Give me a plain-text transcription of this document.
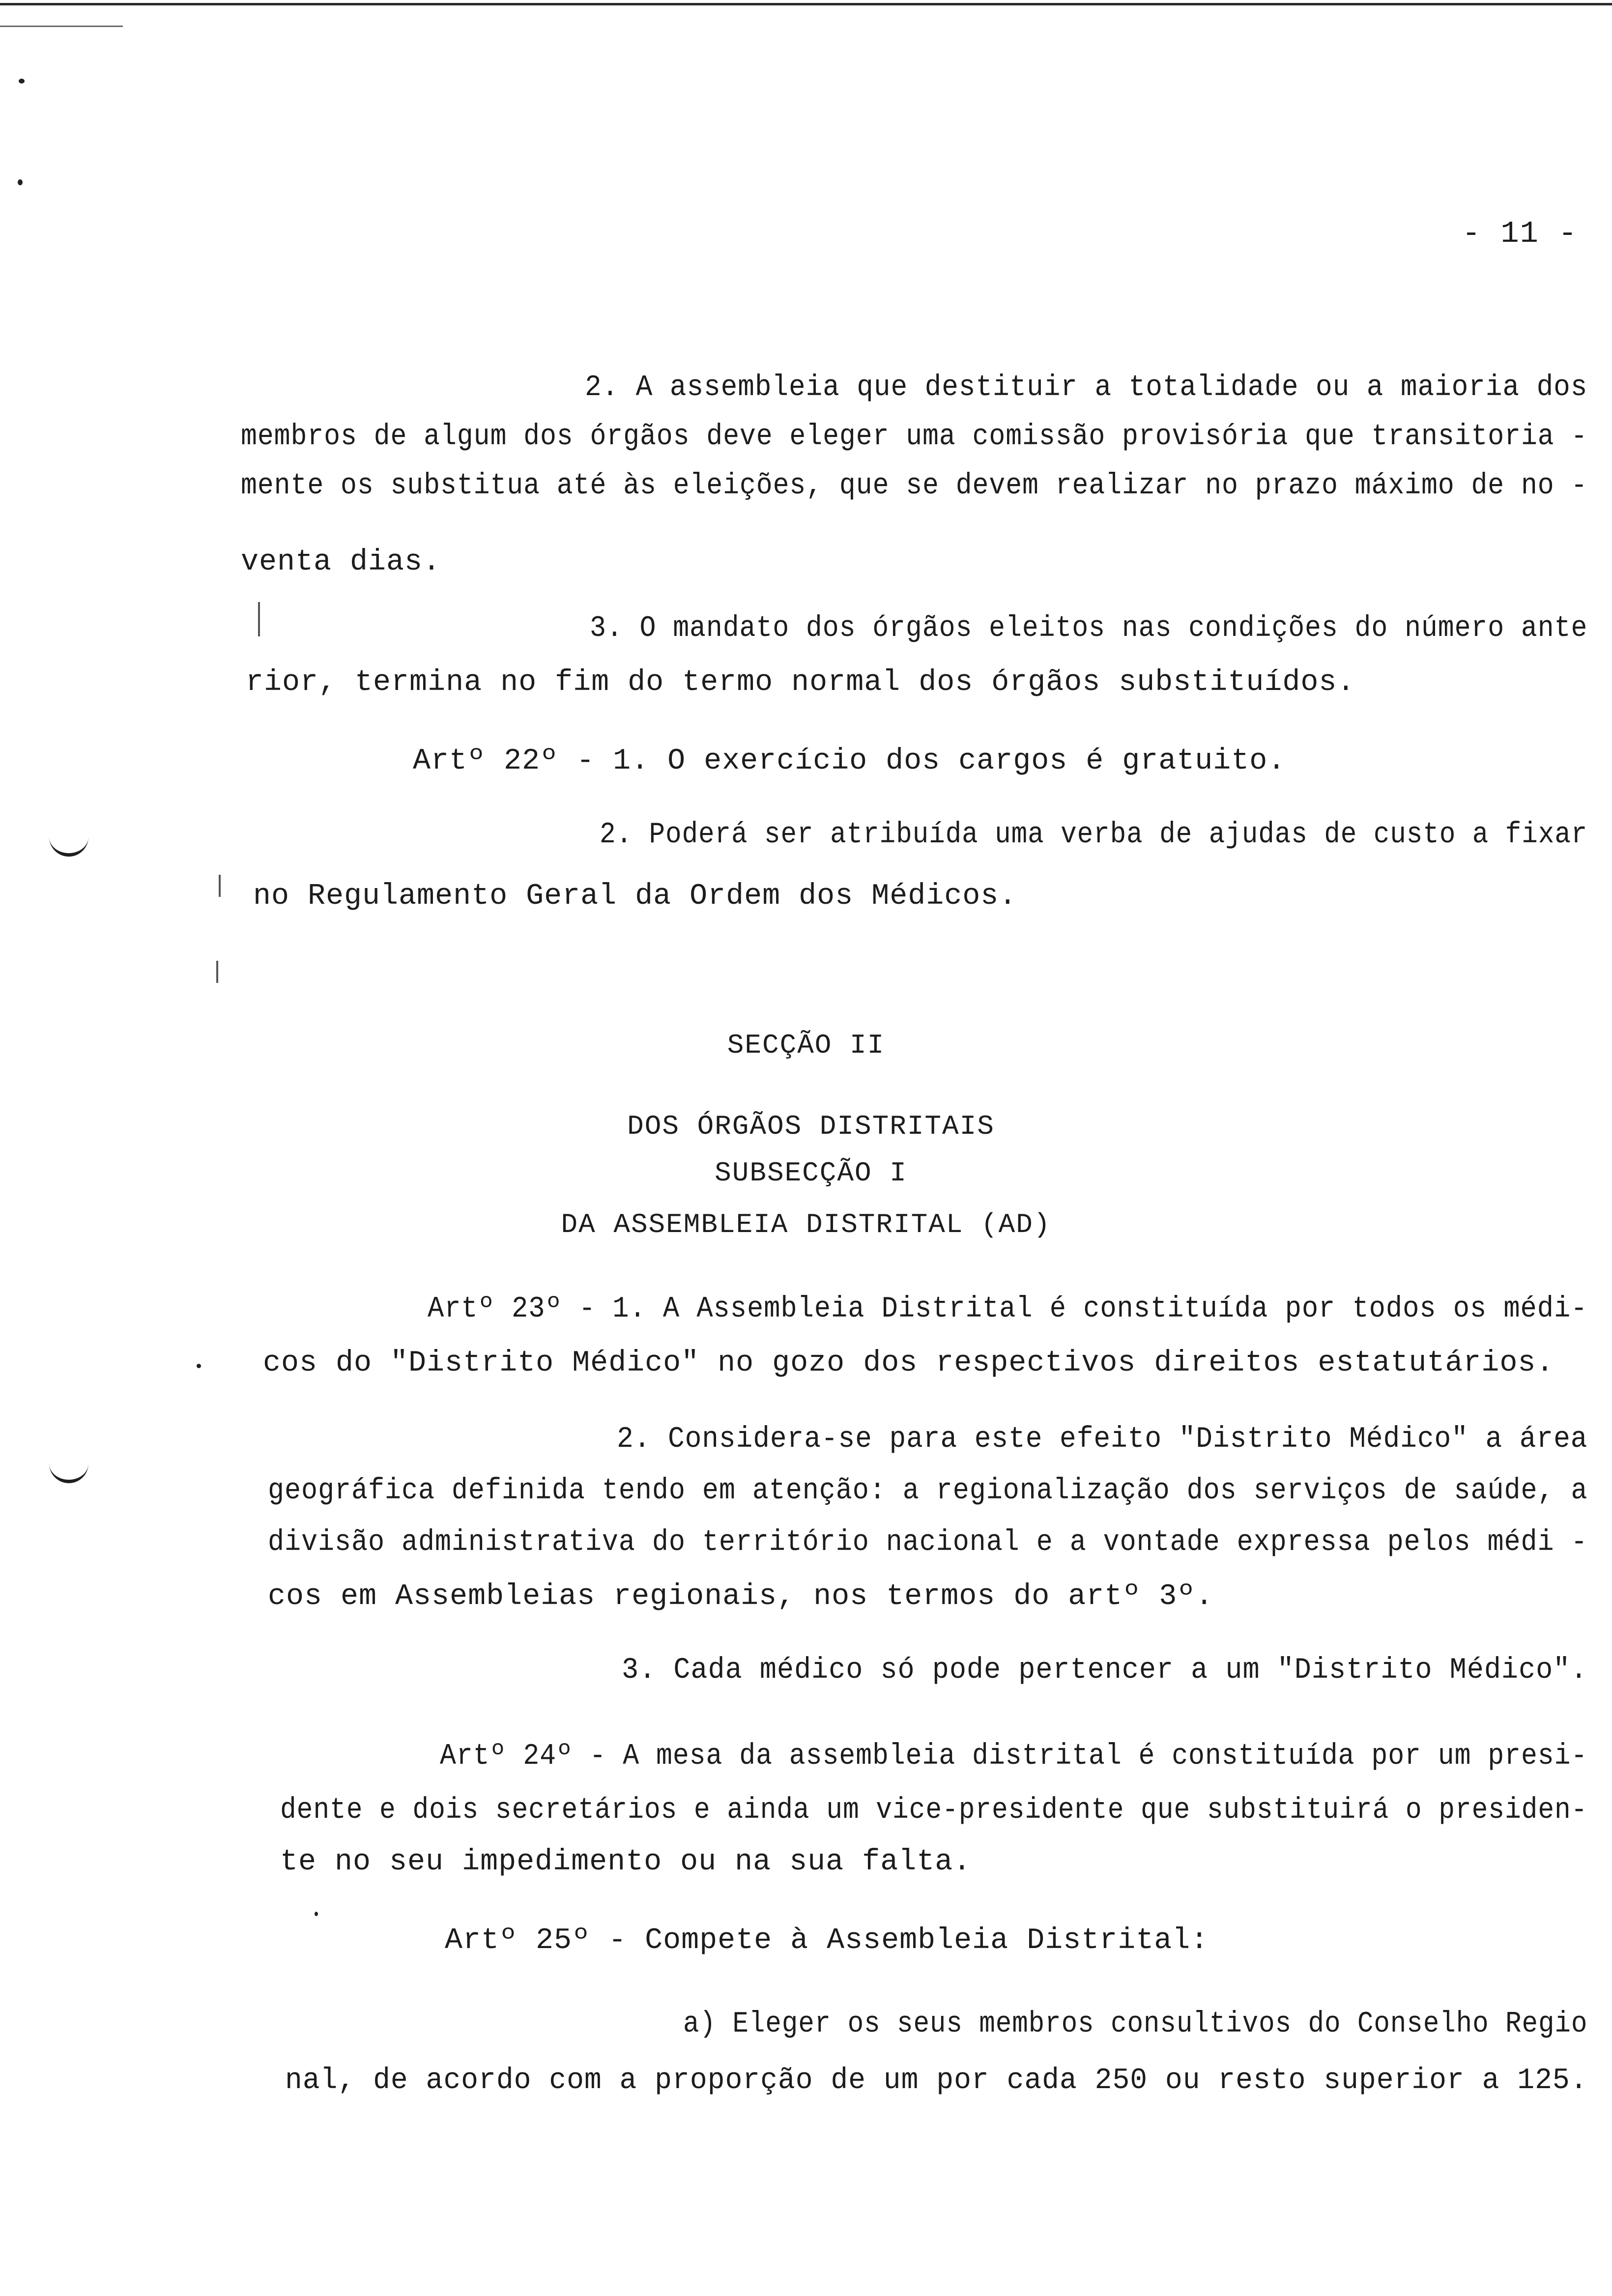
- 11 -
2. A assembleia que destituir a totalidade ou a maioria dos
membros de algum dos órgãos deve eleger uma comissão provisória que transitoria -
mente os substitua até às eleições, que se devem realizar no prazo máximo de no -
venta dias.
3. O mandato dos órgãos eleitos nas condições do número ante
rior, termina no fim do termo normal dos órgãos substituídos.
Artº 22º - 1. O exercício dos cargos é gratuito.
2. Poderá ser atribuída uma verba de ajudas de custo a fixar
no Regulamento Geral da Ordem dos Médicos.
SECÇÃO II
DOS ÓRGÃOS DISTRITAIS
SUBSECÇÃO I
DA ASSEMBLEIA DISTRITAL (AD)
Artº 23º - 1. A Assembleia Distrital é constituída por todos os médi-
cos do "Distrito Médico" no gozo dos respectivos direitos estatutários.
2. Considera-se para este efeito "Distrito Médico" a área
geográfica definida tendo em atenção: a regionalização dos serviços de saúde, a
divisão administrativa do território nacional e a vontade expressa pelos médi -
cos em Assembleias regionais, nos termos do artº 3º.
3. Cada médico só pode pertencer a um "Distrito Médico".
Artº 24º - A mesa da assembleia distrital é constituída por um presi-
dente e dois secretários e ainda um vice-presidente que substituirá o presiden-
te no seu impedimento ou na sua falta.
Artº 25º - Compete à Assembleia Distrital:
a) Eleger os seus membros consultivos do Conselho Regio
nal, de acordo com a proporção de um por cada 250 ou resto superior a 125.
